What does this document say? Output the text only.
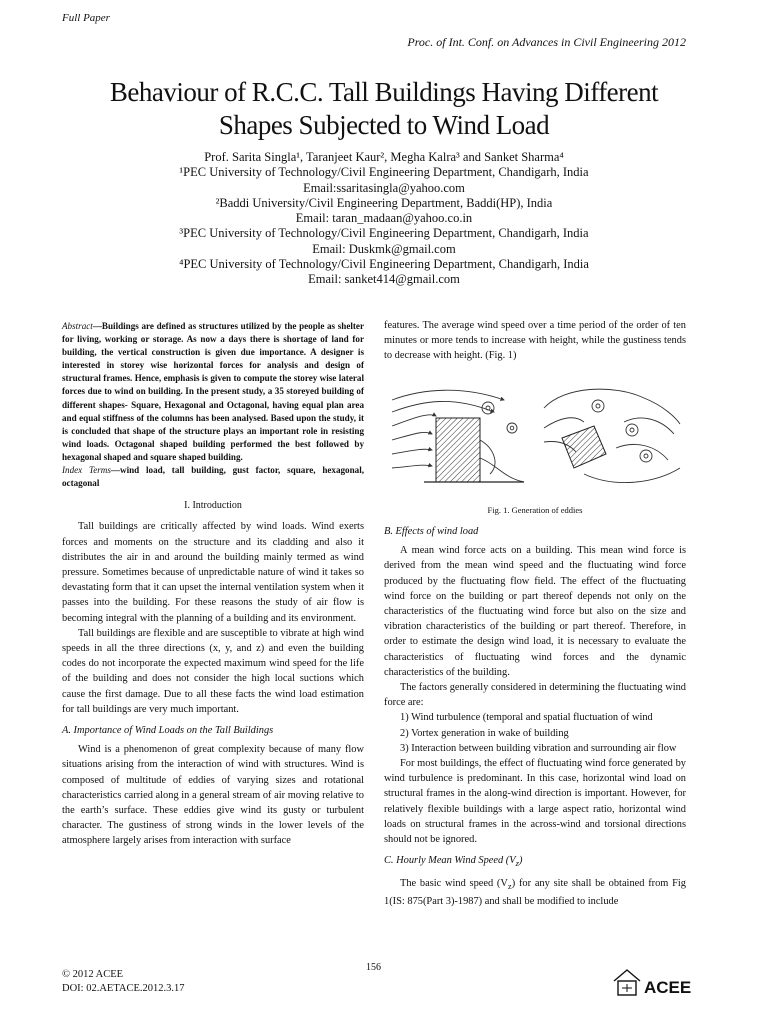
Full Paper
Proc. of Int. Conf. on Advances in Civil Engineering 2012
Behaviour of R.C.C. Tall Buildings Having Different
Shapes Subjected to Wind Load
Prof. Sarita Singla¹, Taranjeet Kaur², Megha Kalra³ and Sanket Sharma⁴
¹PEC University of Technology/Civil Engineering Department, Chandigarh, India
Email:ssaritasingla@yahoo.com
²Baddi University/Civil Engineering Department, Baddi(HP), India
Email: taran_madaan@yahoo.co.in
³PEC University of Technology/Civil Engineering Department, Chandigarh, India
Email: Duskmk@gmail.com
⁴PEC University of Technology/Civil Engineering Department, Chandigarh, India
Email: sanket414@gmail.com

Abstract—Buildings are defined as structures utilized by the people as shelter for living, working or storage. As now a days there is shortage of land for building, the vertical construction is given due importance. A designer is interested in storey wise horizontal forces for analysis and design of structural frames. Hence, emphasis is given to compute the storey wise lateral forces due to wind on building. In the present study, a 35 storeyed building of different shapes- Square, Hexagonal and Octagonal, having equal plan area and equal stiffness of the columns has been analysed. Based upon the study, it is concluded that shape of the structure plays an important role in resisting wind loads. Octagonal shaped building performed the best followed by hexagonal shaped and square shaped building.

Index Terms—wind load, tall building, gust factor, square, hexagonal, octagonal

I. Introduction

Tall buildings are critically affected by wind loads. Wind exerts forces and moments on the structure and its cladding and also it distributes the air in and around the building mainly termed as wind pressure. Sometimes because of unpredictable nature of wind it takes so devastating form that it can upset the internal ventilation system when it passes into the building. For these reasons the study of air flow is becoming integral with the planning of a building and its environment.

Tall buildings are flexible and are susceptible to vibrate at high wind speeds in all the three directions (x, y, and z) and even the building codes do not incorporate the expected maximum wind speed for the life of the building and does not consider the high local suctions which cause the first damage. Due to all these facts the wind load estimation for tall buildings are very much important.

A. Importance of Wind Loads on the Tall Buildings

Wind is a phenomenon of great complexity because of many flow situations arising from the interaction of wind with structures. Wind is composed of multitude of eddies of varying sizes and rotational characteristics carried along in a general stream of air moving relative to the earth’s surface. These eddies give wind its gusty or turbulent character. The gustiness of strong winds in the lower levels of the atmosphere largely arises from interaction with surface

features. The average wind speed over a time period of the order of ten minutes or more tends to increase with height, while the gustiness tends to decrease with height. (Fig. 1)

Fig. 1. Generation of eddies

B. Effects of wind load

A mean wind force acts on a building. This mean wind force is derived from the mean wind speed and the fluctuating wind force produced by the fluctuating flow field. The effect of the fluctuating wind force on the building or part thereof depends not only on the characteristics of the fluctuating wind force but also on the size and vibration characteristics of the building or part thereof. Therefore, in order to estimate the design wind load, it is necessary to evaluate the characteristics of fluctuating wind forces and the dynamic characteristics of the building.

The factors generally considered in determining the fluctuating wind force are:

1) Wind turbulence (temporal and spatial fluctuation of wind

2) Vortex generation in wake of building

3) Interaction between building vibration and surrounding air flow

For most buildings, the effect of fluctuating wind force generated by wind turbulence is predominant. In this case, horizontal wind load on structural frames in the along-wind direction is important. However, for relatively flexible buildings with a large aspect ratio, horizontal wind loads on structural frames in the across-wind and torsional directions should not be ignored.

C. Hourly Mean Wind Speed $(V_z)$

The basic wind speed $(V_z)$ for any site shall be obtained from Fig 1(IS: 875(Part 3)-1987) and shall be modified to include

© 2012 ACEE
DOI: 02.AETACE.2012.3.17
156
ACEE
